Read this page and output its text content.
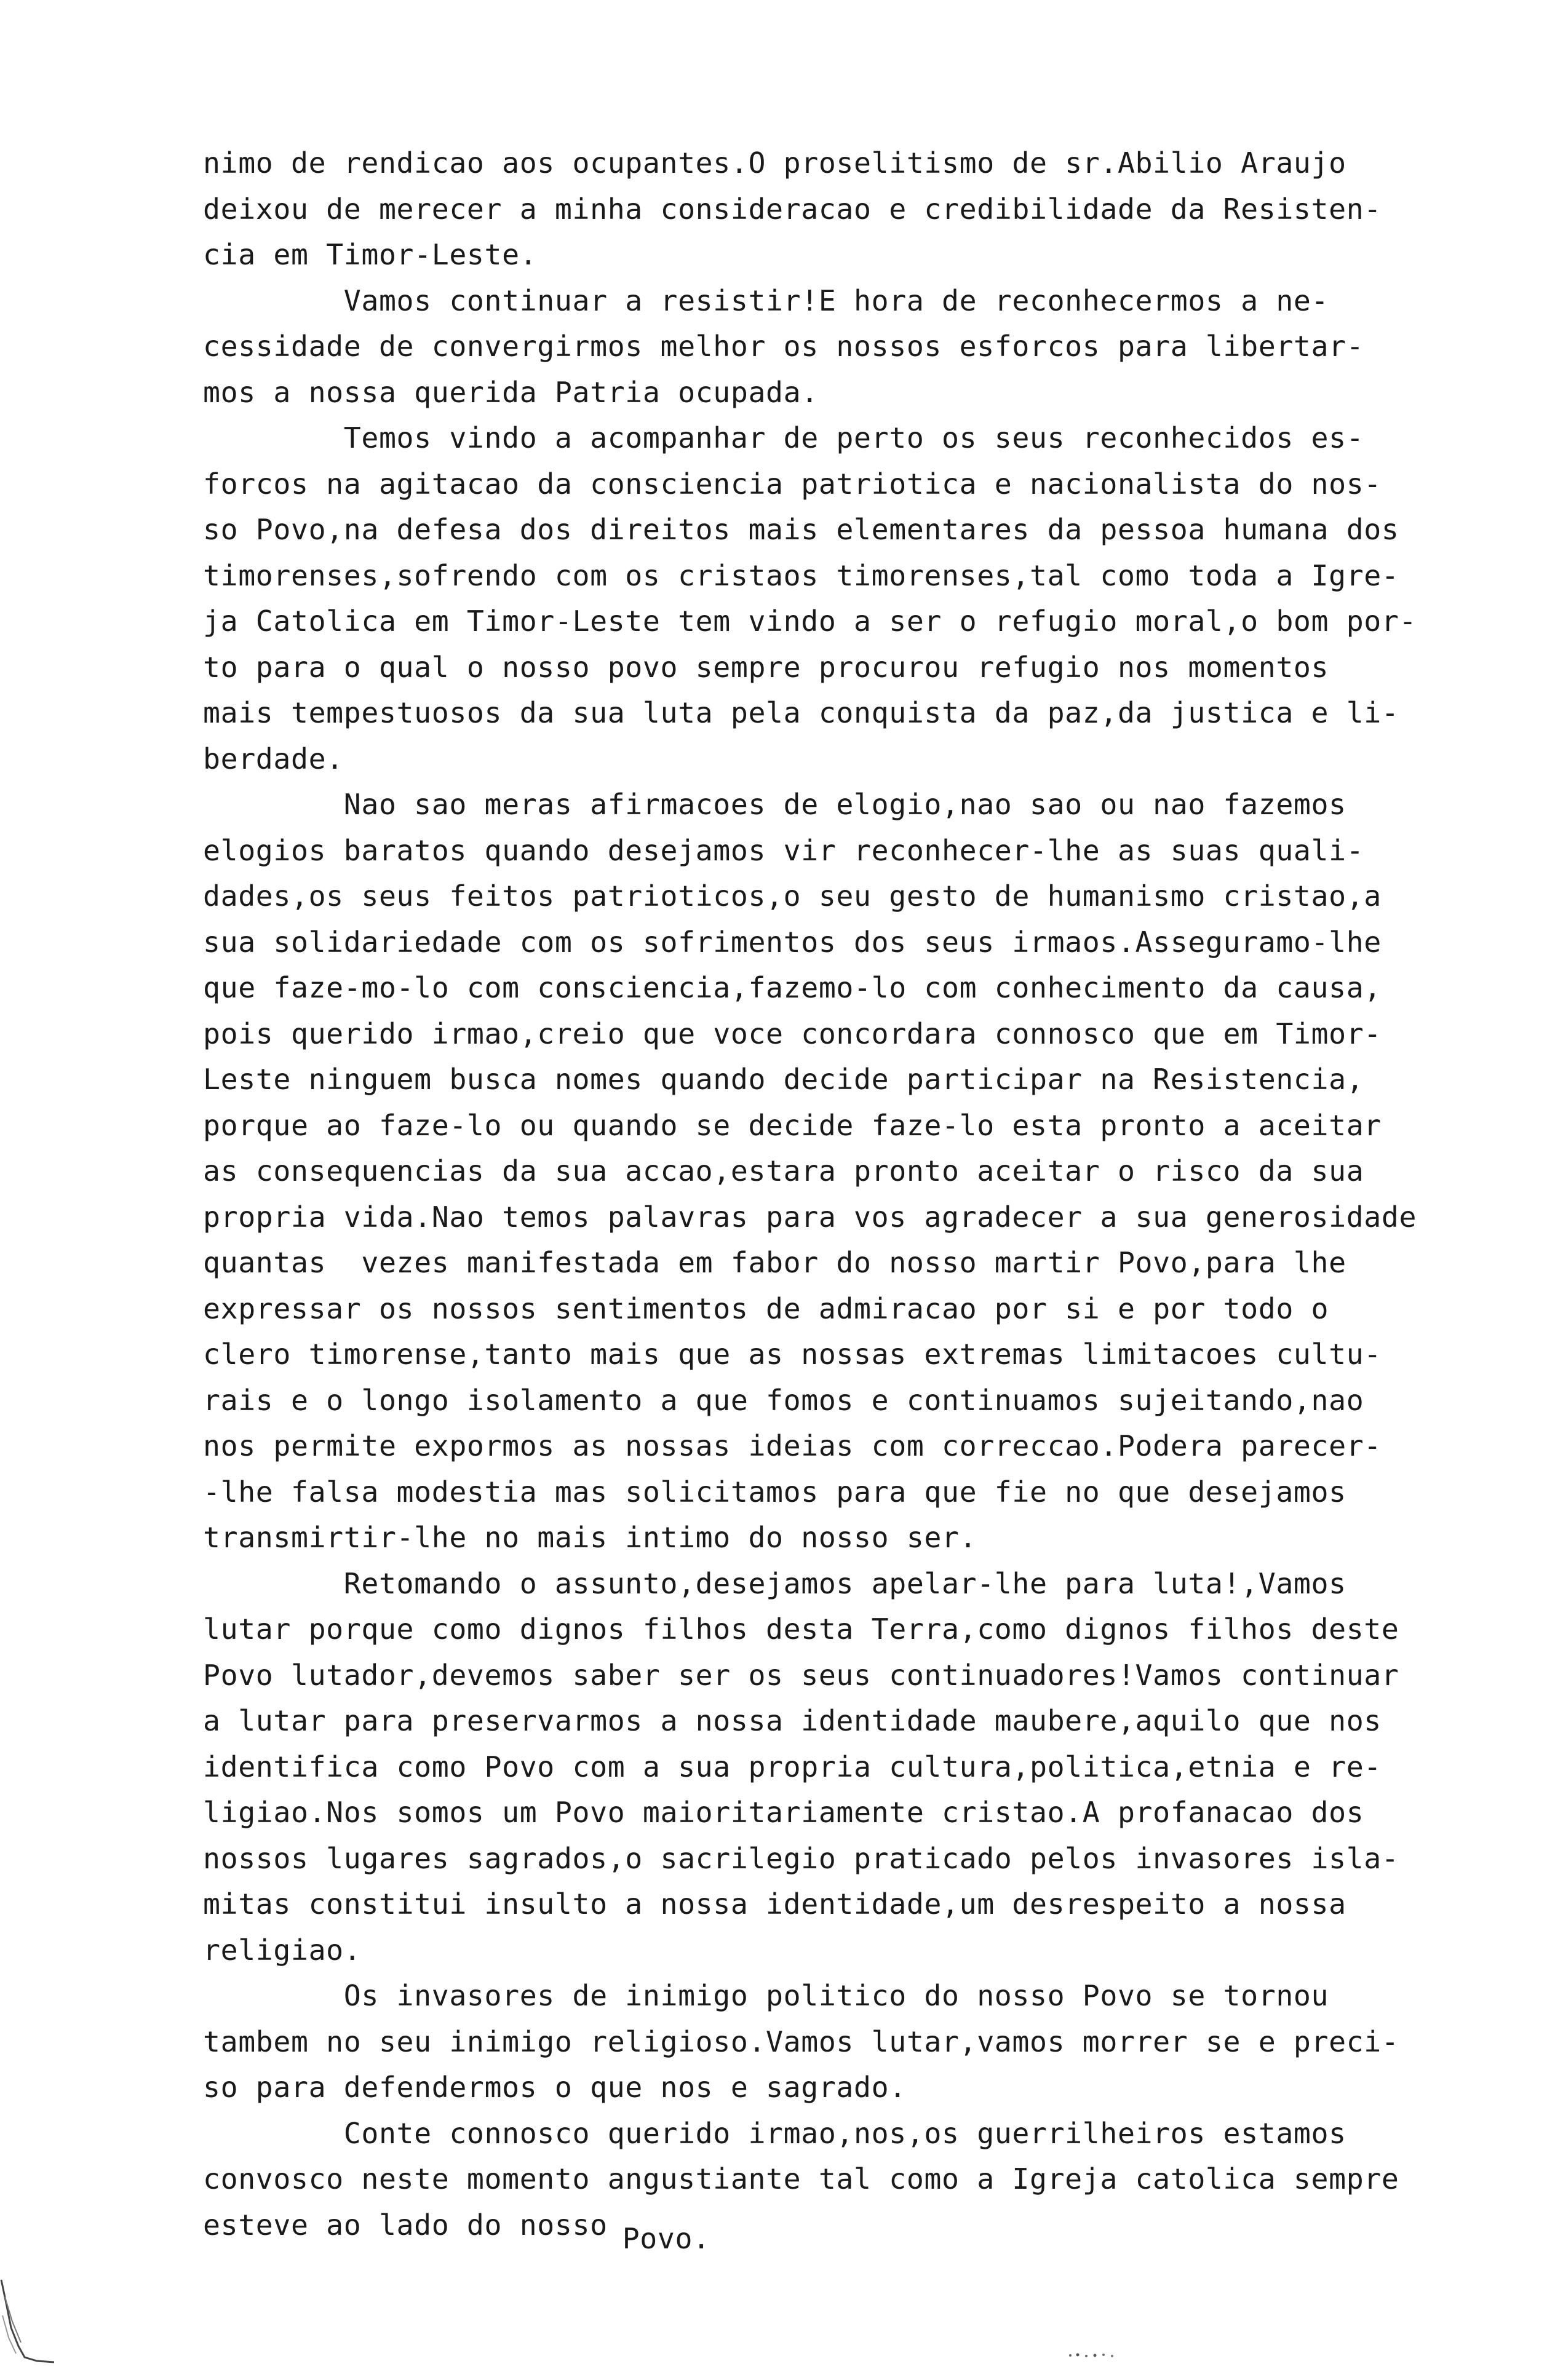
nimo de rendicao aos ocupantes.O proselitismo de sr.Abilio Araujo
deixou de merecer a minha consideracao e credibilidade da Resisten-
cia em Timor-Leste.
Vamos continuar a resistir!E hora de reconhecermos a ne-
cessidade de convergirmos melhor os nossos esforcos para libertar-
mos a nossa querida Patria ocupada.
Temos vindo a acompanhar de perto os seus reconhecidos es-
forcos na agitacao da consciencia patriotica e nacionalista do nos-
so Povo,na defesa dos direitos mais elementares da pessoa humana dos
timorenses,sofrendo com os cristaos timorenses,tal como toda a Igre-
ja Catolica em Timor-Leste tem vindo a ser o refugio moral,o bom por-
to para o qual o nosso povo sempre procurou refugio nos momentos
mais tempestuosos da sua luta pela conquista da paz,da justica e li-
berdade.
Nao sao meras afirmacoes de elogio,nao sao ou nao fazemos
elogios baratos quando desejamos vir reconhecer-lhe as suas quali-
dades,os seus feitos patrioticos,o seu gesto de humanismo cristao,a
sua solidariedade com os sofrimentos dos seus irmaos.Asseguramo-lhe
que faze-mo-lo com consciencia,fazemo-lo com conhecimento da causa,
pois querido irmao,creio que voce concordara connosco que em Timor-
Leste ninguem busca nomes quando decide participar na Resistencia,
porque ao faze-lo ou quando se decide faze-lo esta pronto a aceitar
as consequencias da sua accao,estara pronto aceitar o risco da sua
propria vida.Nao temos palavras para vos agradecer a sua generosidade
quantas  vezes manifestada em fabor do nosso martir Povo,para lhe
expressar os nossos sentimentos de admiracao por si e por todo o
clero timorense,tanto mais que as nossas extremas limitacoes cultu-
rais e o longo isolamento a que fomos e continuamos sujeitando,nao
nos permite expormos as nossas ideias com correccao.Podera parecer-
-lhe falsa modestia mas solicitamos para que fie no que desejamos
transmirtir-lhe no mais intimo do nosso ser.
Retomando o assunto,desejamos apelar-lhe para luta!,Vamos
lutar porque como dignos filhos desta Terra,como dignos filhos deste
Povo lutador,devemos saber ser os seus continuadores!Vamos continuar
a lutar para preservarmos a nossa identidade maubere,aquilo que nos
identifica como Povo com a sua propria cultura,politica,etnia e re-
ligiao.Nos somos um Povo maioritariamente cristao.A profanacao dos
nossos lugares sagrados,o sacrilegio praticado pelos invasores isla-
mitas constitui insulto a nossa identidade,um desrespeito a nossa
religiao.
Os invasores de inimigo politico do nosso Povo se tornou
tambem no seu inimigo religioso.Vamos lutar,vamos morrer se e preci-
so para defendermos o que nos e sagrado.
Conte connosco querido irmao,nos,os guerrilheiros estamos
convosco neste momento angustiante tal como a Igreja catolica sempre
esteve ao lado do nosso Povo.
